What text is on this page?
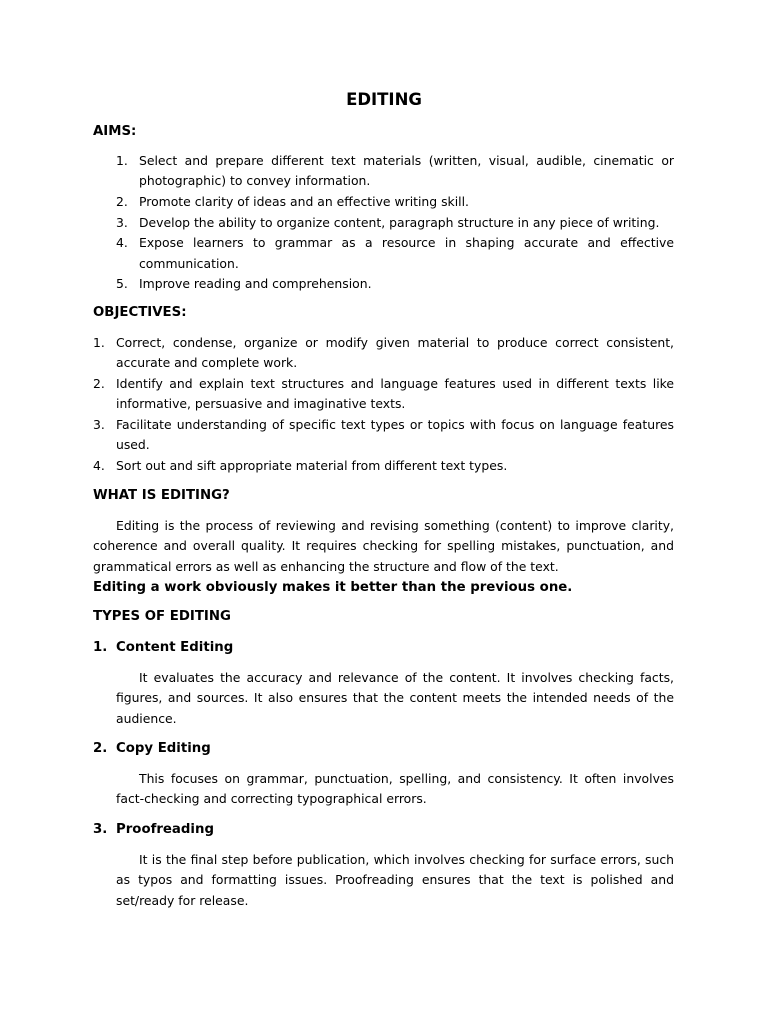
EDITING
AIMS:
1. Select and prepare different text materials (written, visual, audible, cinematic or photographic) to convey information.
2. Promote clarity of ideas and an effective writing skill.
3. Develop the ability to organize content, paragraph structure in any piece of writing.
4. Expose learners to grammar as a resource in shaping accurate and effective communication.
5. Improve reading and comprehension.
OBJECTIVES:
1. Correct, condense, organize or modify given material to produce correct consistent, accurate and complete work.
2. Identify and explain text structures and language features used in different texts like informative, persuasive and imaginative texts.
3. Facilitate understanding of specific text types or topics with focus on language features used.
4. Sort out and sift appropriate material from different text types.
WHAT IS EDITING?

Editing is the process of reviewing and revising something (content) to improve clarity, coherence and overall quality. It requires checking for spelling mistakes, punctuation, and grammatical errors as well as enhancing the structure and flow of the text.

Editing a work obviously makes it better than the previous one.
TYPES OF EDITING
1. Content Editing

It evaluates the accuracy and relevance of the content. It involves checking facts, figures, and sources. It also ensures that the content meets the intended needs of the audience.

2. Copy Editing

This focuses on grammar, punctuation, spelling, and consistency. It often involves fact-checking and correcting typographical errors.

3. Proofreading

It is the final step before publication, which involves checking for surface errors, such as typos and formatting issues. Proofreading ensures that the text is polished and set/ready for release.
